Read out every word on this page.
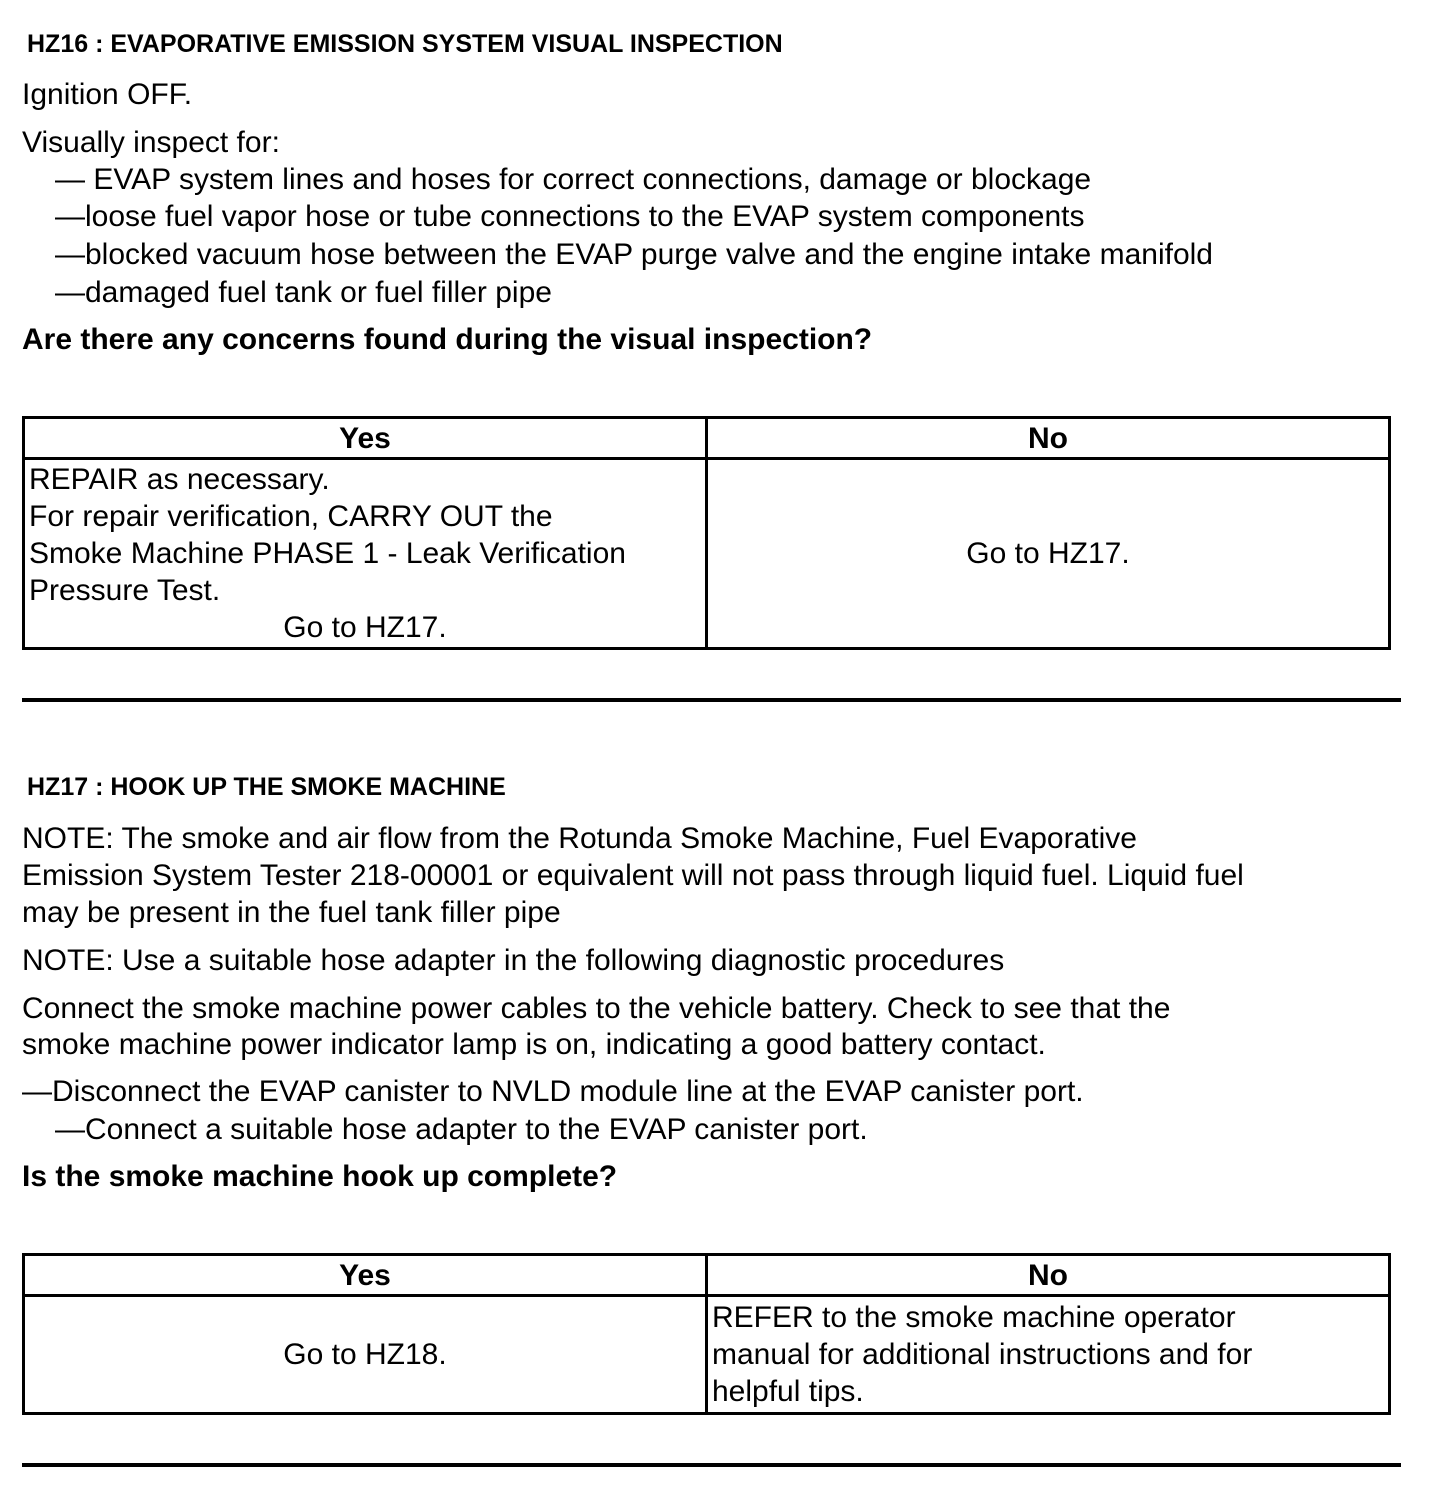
HZ16 : EVAPORATIVE EMISSION SYSTEM VISUAL INSPECTION
Ignition OFF.
Visually inspect for:
— EVAP system lines and hoses for correct connections, damage or blockage
—loose fuel vapor hose or tube connections to the EVAP system components
—blocked vacuum hose between the EVAP purge valve and the engine intake manifold
—damaged fuel tank or fuel filler pipe
Are there any concerns found during the visual inspection?
Yes	No

REPAIR as necessary.
For repair verification, CARRY OUT the
Smoke Machine PHASE 1 - Leak Verification
Pressure Test.
Go to HZ17.	Go to HZ17.
HZ17 : HOOK UP THE SMOKE MACHINE
NOTE: The smoke and air flow from the Rotunda Smoke Machine, Fuel Evaporative
Emission System Tester 218-00001 or equivalent will not pass through liquid fuel. Liquid fuel
may be present in the fuel tank filler pipe
NOTE: Use a suitable hose adapter in the following diagnostic procedures
Connect the smoke machine power cables to the vehicle battery. Check to see that the
smoke machine power indicator lamp is on, indicating a good battery contact.
—Disconnect the EVAP canister to NVLD module line at the EVAP canister port.
—Connect a suitable hose adapter to the EVAP canister port.
Is the smoke machine hook up complete?
Yes	No
Go to HZ18.	REFER to the smoke machine operator
manual for additional instructions and for
helpful tips.
